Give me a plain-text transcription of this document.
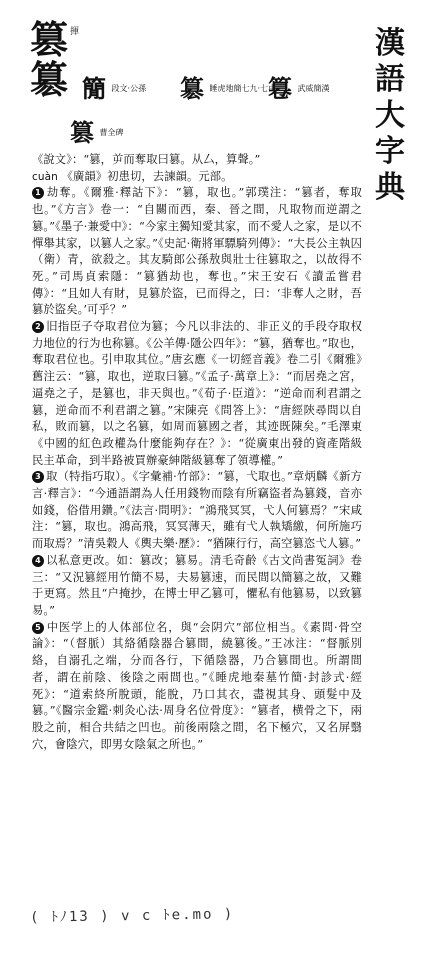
漢
語
大
字
典
篡 揮
簒 𥳑 段文·公孫 簒 睡虎地簡七九·七由
篹 武威簡漢
篡 曹全碑

《說文》：“篡，屰而奪取曰篡。从厶，算聲。”

cuàn 《廣韻》初患切，去諫韻。元部。

1 劫奪。《爾雅·釋詁下》：“篡，取也。”郭璞注：“篡者，奪取也。”《方言》卷一：“自關而西，秦、晉之間，凡取物而逆謂之篡。”《墨子·兼愛中》：“今家主獨知愛其家，而不愛人之家，是以不憚舉其家，以篡人之家。”《史記·衛將軍驃騎列傳》：“大長公主執囚（衛）青，欲殺之。其友騎郎公孫敖與壯士往篡取之，以故得不死。”司馬貞索隱：“篡猶劫也，奪也。”宋王安石《讀孟嘗君傳》：“且如人有財，見篡於盜，已而得之，曰：‘非奪人之財，吾篡於盜矣。’可乎？”

2 旧指臣子夺取君位为篡；今凡以非法的、非正义的手段夺取权力地位的行为也称篡。《公羊傳·隱公四年》：“篡，猶奪也。”取也，奪取君位也。引申取其位。”唐玄應《一切經音義》卷二引《爾雅》舊注云：“篡，取也，逆取曰篡。”《孟子·萬章上》：“而居堯之宮，逼堯之子，是篡也，非天與也。”《荀子·臣道》：“逆命而利君謂之篡，逆命而不利君謂之篡。”宋陳亮《問答上》：“唐經陝尋問以自私，敗而篡，以之名篡，如周而篡國之者，其迹既陳矣。”毛澤東《中國的紅色政權為什麼能夠存在？》：“從廣東出發的資產階級民主革命，到半路被買辦豪紳階級篡奪了領導權。”

3 取（特指巧取）。《字彙補·竹部》：“篡，弋取也。”章炳麟《新方言·釋言》：“今通語謂為人任用錢物而陰有所竊盜者為篡錢，音亦如錢，俗借用鑽。”《法言·問明》：“鴻飛冥冥，弋人何篡焉？”宋咸注：“篡，取也。鴻高飛，冥冥薄天，雖有弋人執矯繳，何所施巧而取焉？”清吳穀人《輿夫樂·歷》：“猶陳行行，高空篡恣弋人篡。”

4 以私意更改。如：篡改；篡易。清毛奇齡《古文尚書冤詞》卷三：“又況篡經用竹簡不易，夫易篡速，而民間以簡篡之故，又難于更寫。然且“户掩抄，在博士甲乙篡可，懼私有他篡易，以致篡易。”

5 中医学上的人体部位名，與“会阴穴”部位相当。《素問·骨空論》：“（督脈）其絡循陰器合篡間，繞篡後。”王冰注：“督脈別絡，自溺孔之端，分而各行，下循陰器，乃合篡間也。所謂間者，謂在前陰、後陰之兩間也。”《睡虎地秦墓竹簡·封診式·經死》：“道索終所脫頭，能脫，乃口其衣，盡視其身、頭髮中及篡。”《醫宗金鑑·刺灸心法·周身名位骨度》：“篡者，横骨之下，兩股之前，相合共結之凹也。前後兩陰之間，名下極穴，又名屏翳穴，會陰穴，即男女陰氣之所也。”

( ﾄﾉ13 ) v c ﾄe.mo )
